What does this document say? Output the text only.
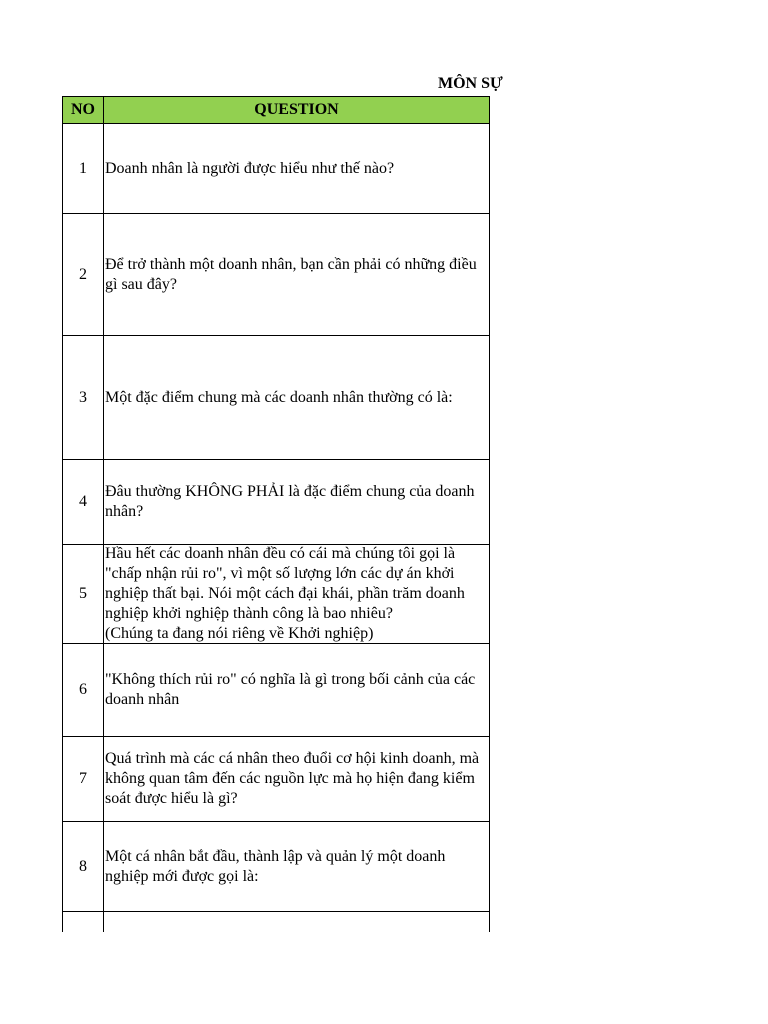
MÔN SỰ
NO	QUESTION
1	Doanh nhân là người được hiểu như thế nào?

2	Để trở thành một doanh nhân, bạn cần phải có những điều gì sau đây?

3	Một đặc điểm chung mà các doanh nhân thường có là:

4	Đâu thường KHÔNG PHẢI là đặc điểm chung của doanh nhân?

5	Hầu hết các doanh nhân đều có cái mà chúng tôi gọi là "chấp nhận rủi ro", vì một số lượng lớn các dự án khởi nghiệp thất bại. Nói một cách đại khái, phần trăm doanh nghiệp khởi nghiệp thành công là bao nhiêu?
(Chúng ta đang nói riêng về Khởi nghiệp)

6	"Không thích rủi ro" có nghĩa là gì trong bối cảnh của các doanh nhân

7	Quá trình mà các cá nhân theo đuổi cơ hội kinh doanh, mà không quan tâm đến các nguồn lực mà họ hiện đang kiểm soát được hiểu là gì?

8	Một cá nhân bắt đầu, thành lập và quản lý một doanh nghiệp mới được gọi là:
